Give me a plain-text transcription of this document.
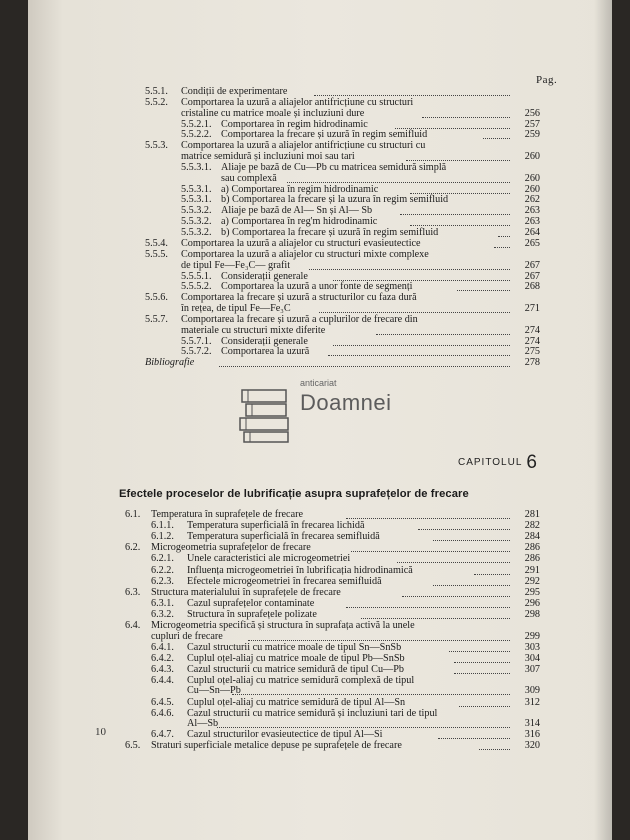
Pag.
5.5.1. Condiții de experimentare
5.5.2. Comportarea la uzură a aliajelor antifricțiune cu structuri
cristaline cu matrice moale și incluziuni dure	256
5.5.2.1. Comportarea în regim hidrodinamic	257
5.5.2.2. Comportarea la frecare și uzură în regim semifluid	259
5.5.3. Comportarea la uzură a aliajelor antifricțiune cu structuri cu
matrice semidură și incluziuni moi sau tari	260
5.5.3.1. Aliaje pe bază de Cu—Pb cu matricea semidură simplă
sau complexă	260
5.5.3.1. a) Comportarea în regim hidrodinamic	260
5.5.3.1. b) Comportarea la frecare și la uzura în regim semifluid	262
5.5.3.2. Aliaje pe bază de Al— Sn și Al— Sb	263
5.5.3.2. a) Comportarea în reg'm hidrodinamic	263
5.5.3.2. b) Comportarea la frecare și uzură în regim semifluid	264
5.5.4. Comportarea la uzură a aliajelor cu structuri evasieutectice	265
5.5.5. Comportarea la uzură a aliajelor cu structuri mixte complexe
de tipul Fe—Fe₃C— grafit	267
5.5.5.1. Considerații generale	267
5.5.5.2. Comportarea la uzură a unor fonte de segmenți	268
5.5.6. Comportarea la frecare și uzură a structurilor cu faza dură
în rețea, de tipul Fe—Fe₃C	271
5.5.7. Comportarea la frecare și uzură a cuplurilor de frecare din
materiale cu structuri mixte diferite	274
5.5.7.1. Considerații generale	274
5.5.7.2. Comportarea la uzură	275
Bibliografie	278
anticariat
Doamnei
CAPITOLUL 6
Efectele proceselor de lubrificație asupra suprafețelor de frecare
6.1. Temperatura în suprafețele de frecare	281
6.1.1. Temperatura superficială în frecarea lichidă	282
6.1.2. Temperatura superficială în frecarea semifluidă	284
6.2. Microgeometria suprafețelor de frecare	286
6.2.1. Unele caracteristici ale microgeometriei	286
6.2.2. Influența microgeometriei în lubrificația hidrodinamică	291
6.2.3. Efectele microgeometriei în frecarea semifluidă	292
6.3. Structura materialului în suprafețele de frecare	295
6.3.1. Cazul suprafețelor contaminate	296
6.3.2. Structura în suprafețele polizate	298
6.4. Microgeometria specifică și structura în suprafața activă la unele
cupluri de frecare	299
6.4.1. Cazul structurii cu matrice moale de tipul Sn—SnSb	303
6.4.2. Cuplul oțel-aliaj cu matrice moale de tipul Pb—SnSb	304
6.4.3. Cazul structurii cu matrice semidură de tipul Cu—Pb	307
6.4.4. Cuplul oțel-aliaj cu matrice semidură complexă de tipul
Cu—Sn—Pb	309
6.4.5. Cuplul oțel-aliaj cu matrice semidură de tipul Al—Sn	312
6.4.6. Cazul structurii cu matrice semidură și incluziuni tari de tipul
Al—Sb	314
6.4.7. Cazul structurilor evasieutectice de tipul Al—Si	316
6.5. Straturi superficiale metalice depuse pe suprafețele de frecare	320
10
